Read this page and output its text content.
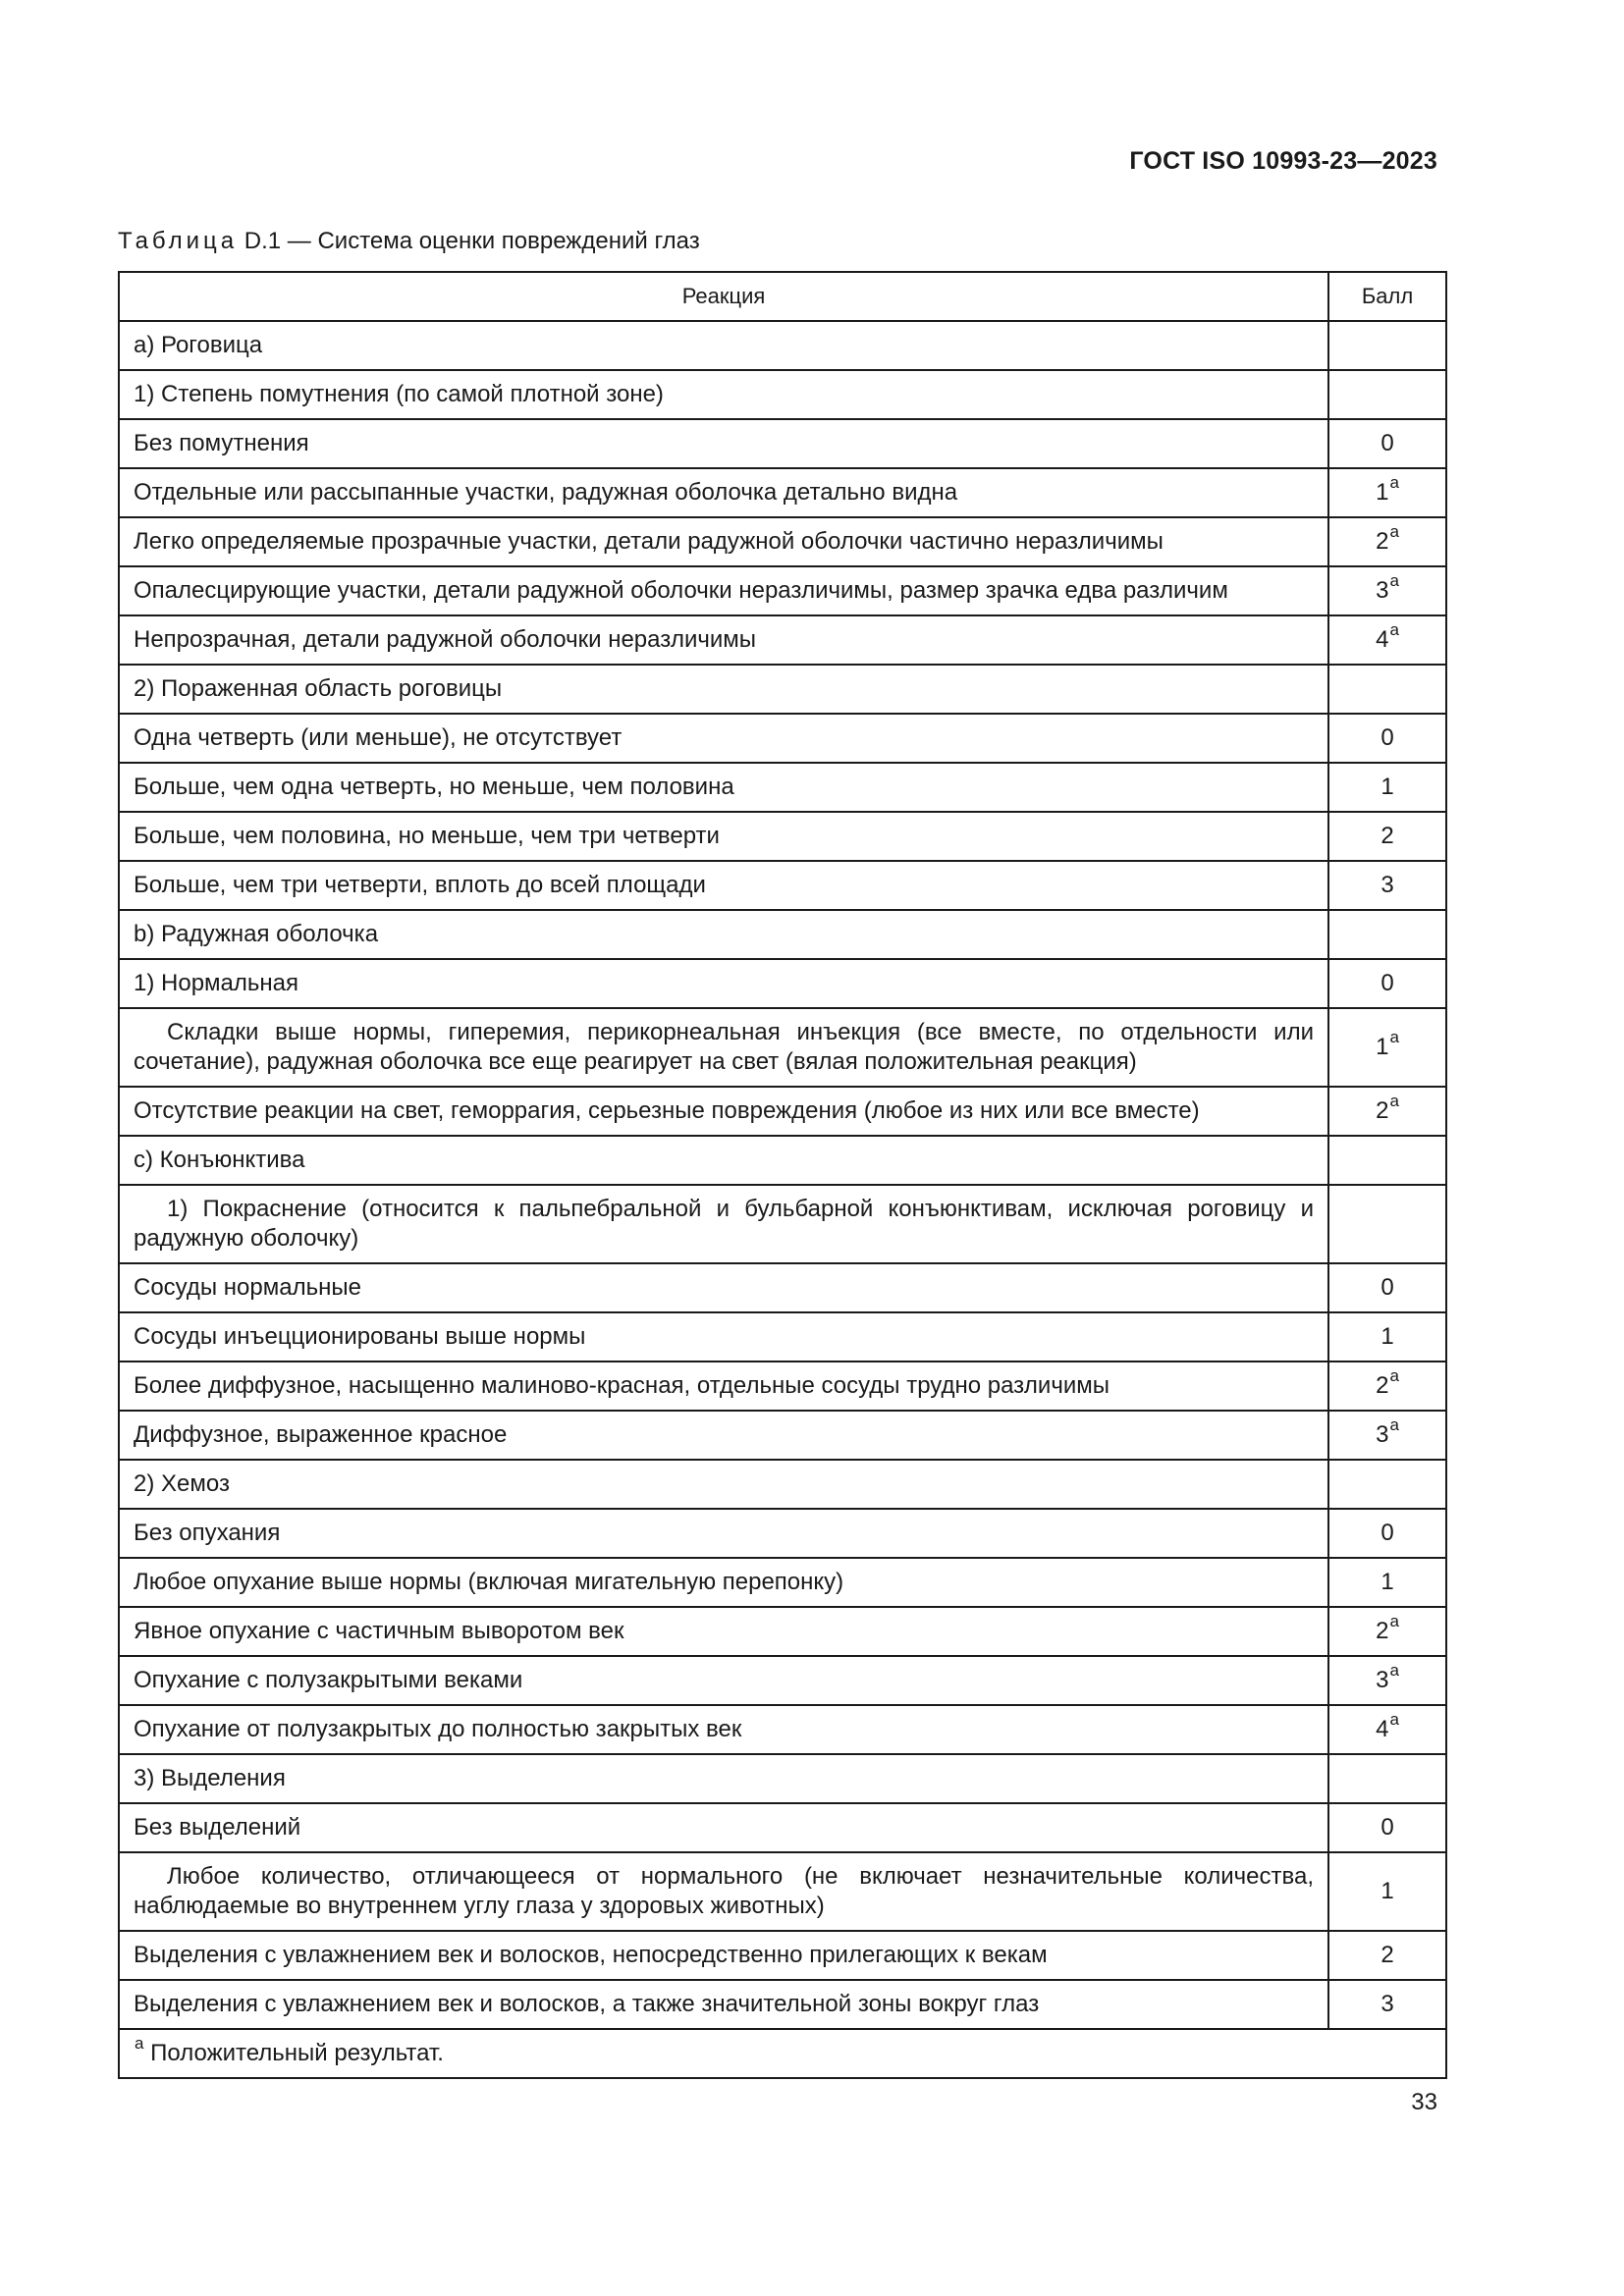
ГОСТ ISO 10993-23—2023
Таблица D.1 — Система оценки повреждений глаз
Реакция	Балл
a) Роговица	
1) Степень помутнения (по самой плотной зоне)	
Без помутнения	0
Отдельные или рассыпанные участки, радужная оболочка детально видна	1$^a$
Легко определяемые прозрачные участки, детали радужной оболочки частично неразличимы	2$^a$
Опалесцирующие участки, детали радужной оболочки неразличимы, размер зрачка едва различим	3$^a$
Непрозрачная, детали радужной оболочки неразличимы	4$^a$
2) Пораженная область роговицы	
Одна четверть (или меньше), не отсутствует	0
Больше, чем одна четверть, но меньше, чем половина	1
Больше, чем половина, но меньше, чем три четверти	2
Больше, чем три четверти, вплоть до всей площади	3
b) Радужная оболочка	
1) Нормальная	0
Складки выше нормы, гиперемия, перикорнеальная инъекция (все вместе, по отдельности или сочетание), радужная оболочка все еще реагирует на свет (вялая положительная реакция)	1$^a$
Отсутствие реакции на свет, геморрагия, серьезные повреждения (любое из них или все вместе)	2$^a$
c) Конъюнктива	
1) Покраснение (относится к пальпебральной и бульбарной конъюнктивам, исключая роговицу и радужную оболочку)	
Сосуды нормальные	0
Сосуды инъецционированы выше нормы	1
Более диффузное, насыщенно малиново-красная, отдельные сосуды трудно различимы	2$^a$
Диффузное, выраженное красное	3$^a$
2) Хемоз	
Без опухания	0
Любое опухание выше нормы (включая мигательную перепонку)	1
Явное опухание с частичным выворотом век	2$^a$
Опухание с полузакрытыми веками	3$^a$
Опухание от полузакрытых до полностью закрытых век	4$^a$
3) Выделения	
Без выделений	0
Любое количество, отличающееся от нормального (не включает незначительные количества, наблюдаемые во внутреннем углу глаза у здоровых животных)	1
Выделения с увлажнением век и волосков, непосредственно прилегающих к векам	2
Выделения с увлажнением век и волосков, а также значительной зоны вокруг глаз	3
$^a$ Положительный результат.	
33
